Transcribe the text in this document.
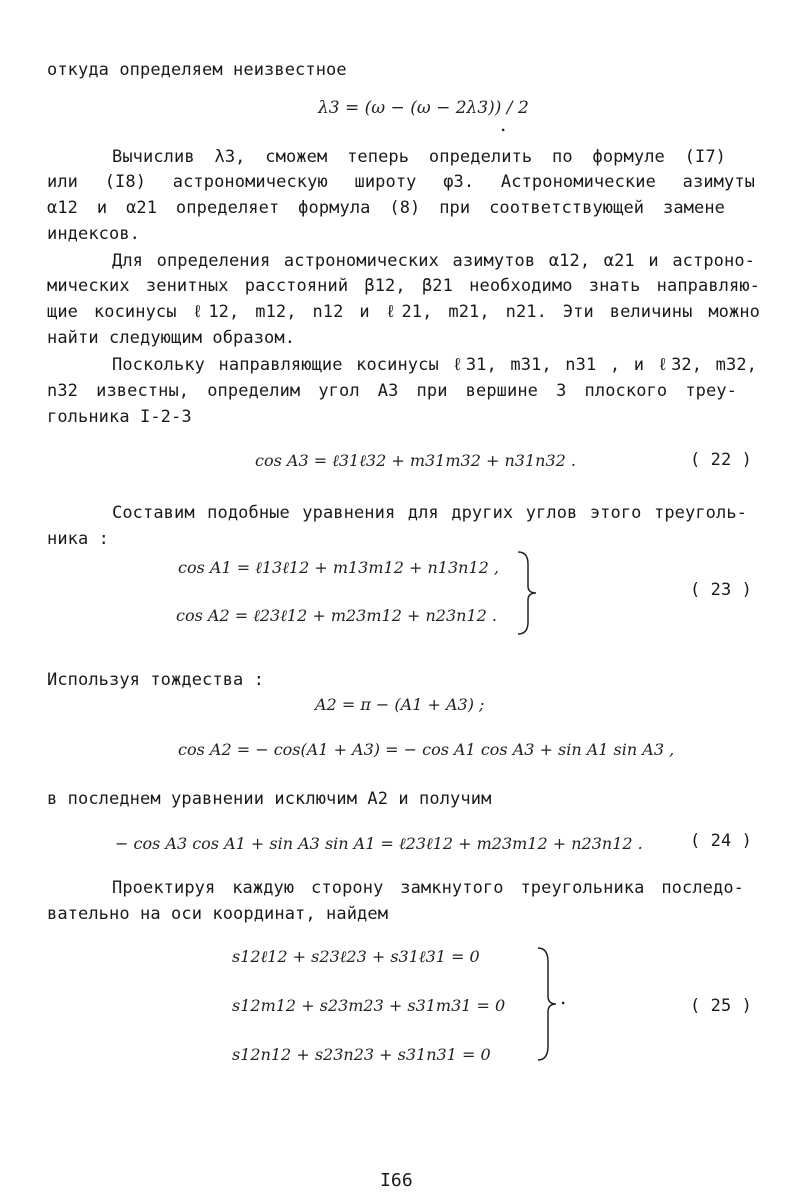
откуда определяем неизвестное
λ3 = (ω − (ω − 2λ3)) / 2
.
Вычислив λ3, сможем теперь определить по формуле (I7)
или (I8) астрономическую широту φ3. Астрономические азимуты
α12 и α21 определяет формула (8) при соответствующей замене
индексов.
Для определения астрономических азимутов α12, α21 и астроно-
мических зенитных расстояний β12, β21 необходимо знать направляю-
щие косинусы ℓ12, m12, n12 и ℓ21, m21, n21. Эти величины можно
найти следующим образом.
Поскольку направляющие косинусы ℓ31, m31, n31 , и ℓ32, m32,
n32 известны, определим угол A3 при вершине 3 плоского треу-
гольника I-2-3
cos A3 = ℓ31ℓ32 + m31m32 + n31n32 .	( 22 )
Составим подобные уравнения для других углов этого треуголь-
ника :
cos A1 = ℓ13ℓ12 + m13m12 + n13n12 ,
cos A2 = ℓ23ℓ12 + m23m12 + n23n12 .
( 23 )
Используя тождества :
A2 = π − (A1 + A3) ;
cos A2 = − cos(A1 + A3) = − cos A1 cos A3 + sin A1 sin A3 ,
в последнем уравнении исключим A2 и получим
− cos A3 cos A1 + sin A3 sin A1 = ℓ23ℓ12 + m23m12 + n23n12 .	( 24 )
Проектируя каждую сторону замкнутого треугольника последо-
вательно на оси координат, найдем
s12ℓ12 + s23ℓ23 + s31ℓ31 = 0
s12m12 + s23m23 + s31m31 = 0
s12n12 + s23n23 + s31n31 = 0
.	( 25 )
I66
